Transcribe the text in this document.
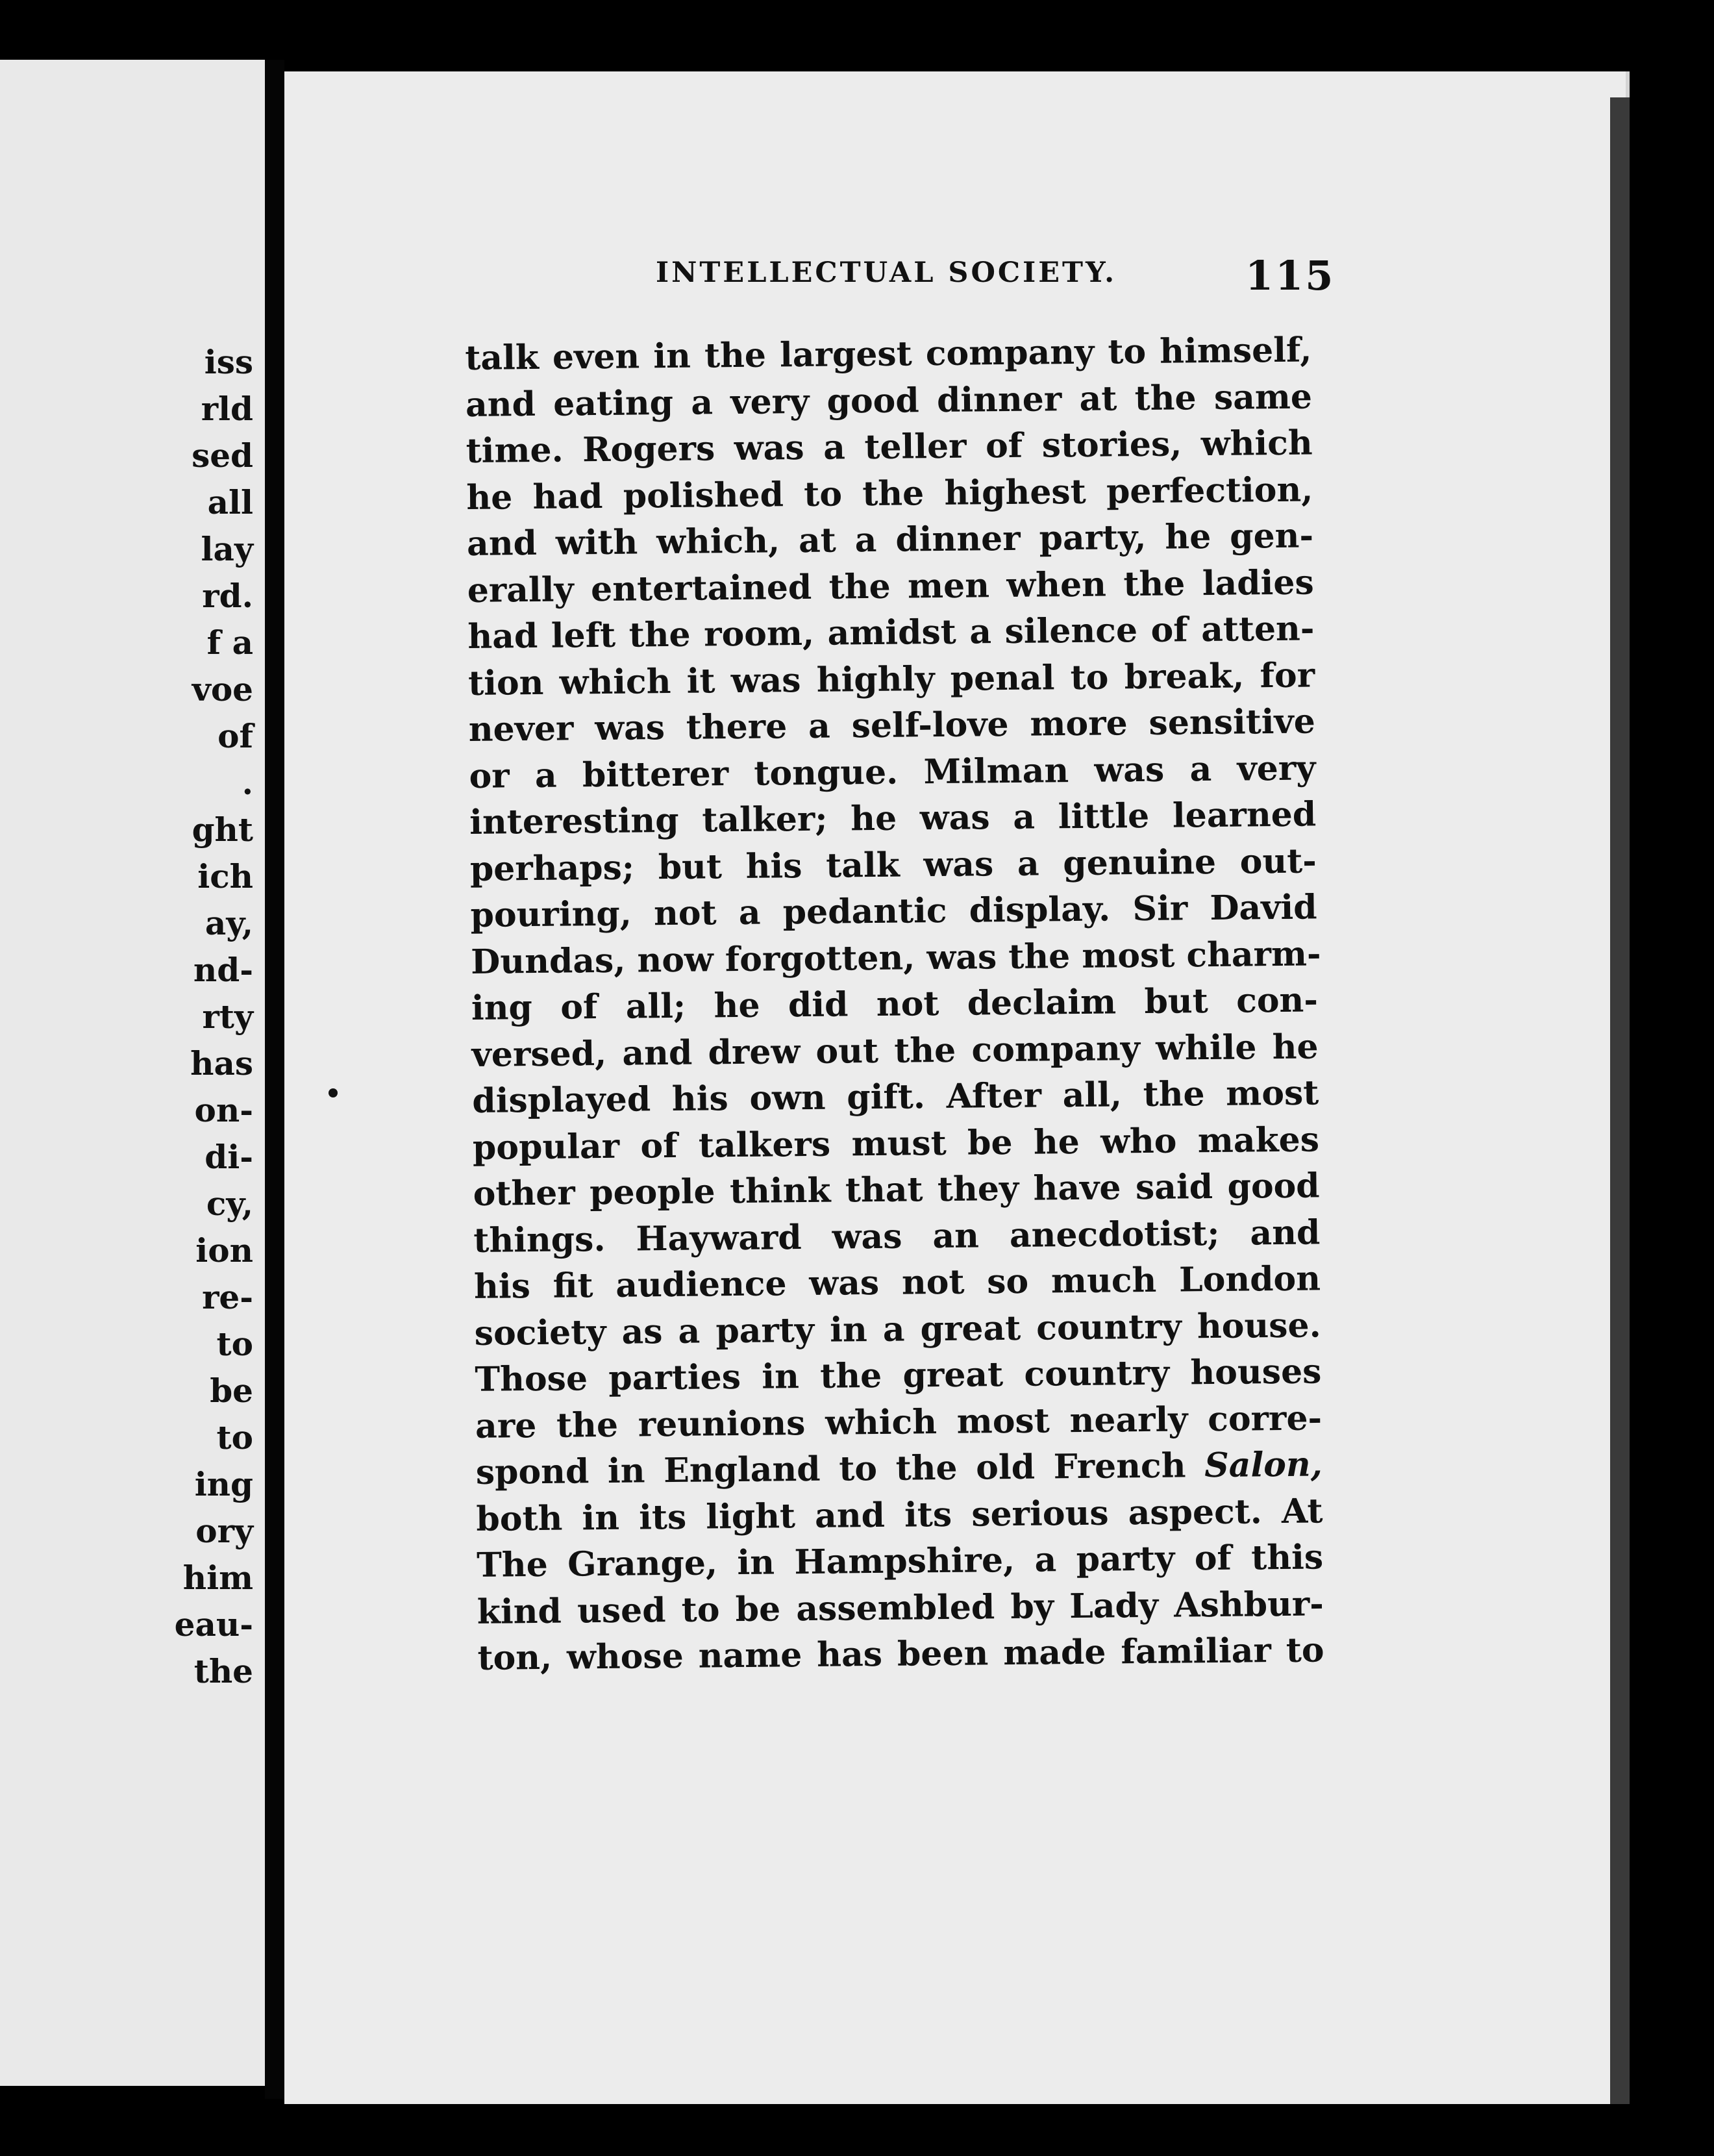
iss
rld
sed
all
lay
rd.
f a
voe
of
.
ght
ich
ay,
nd-
rty
has
on-
di-
cy,
ion
re-
to
be
to
ing
ory
him
eau-
the
INTELLECTUAL SOCIETY.	115
talk even in the largest company to himself,
and eating a very good dinner at the same
time. Rogers was a teller of stories, which
he had polished to the highest perfection,
and with which, at a dinner party, he gen-
erally entertained the men when the ladies
had left the room, amidst a silence of atten-
tion which it was highly penal to break, for
never was there a self-love more sensitive
or a bitterer tongue. Milman was a very
interesting talker; he was a little learned
perhaps; but his talk was a genuine out-
pouring, not a pedantic display. Sir David
Dundas, now forgotten, was the most charm-
ing of all; he did not declaim but con-
versed, and drew out the company while he
displayed his own gift. After all, the most
popular of talkers must be he who makes
other people think that they have said good
things. Hayward was an anecdotist; and
his fit audience was not so much London
society as a party in a great country house.
Those parties in the great country houses
are the reunions which most nearly corre-
spond in England to the old French Salon,
both in its light and its serious aspect. At
The Grange, in Hampshire, a party of this
kind used to be assembled by Lady Ashbur-
ton, whose name has been made familiar to
